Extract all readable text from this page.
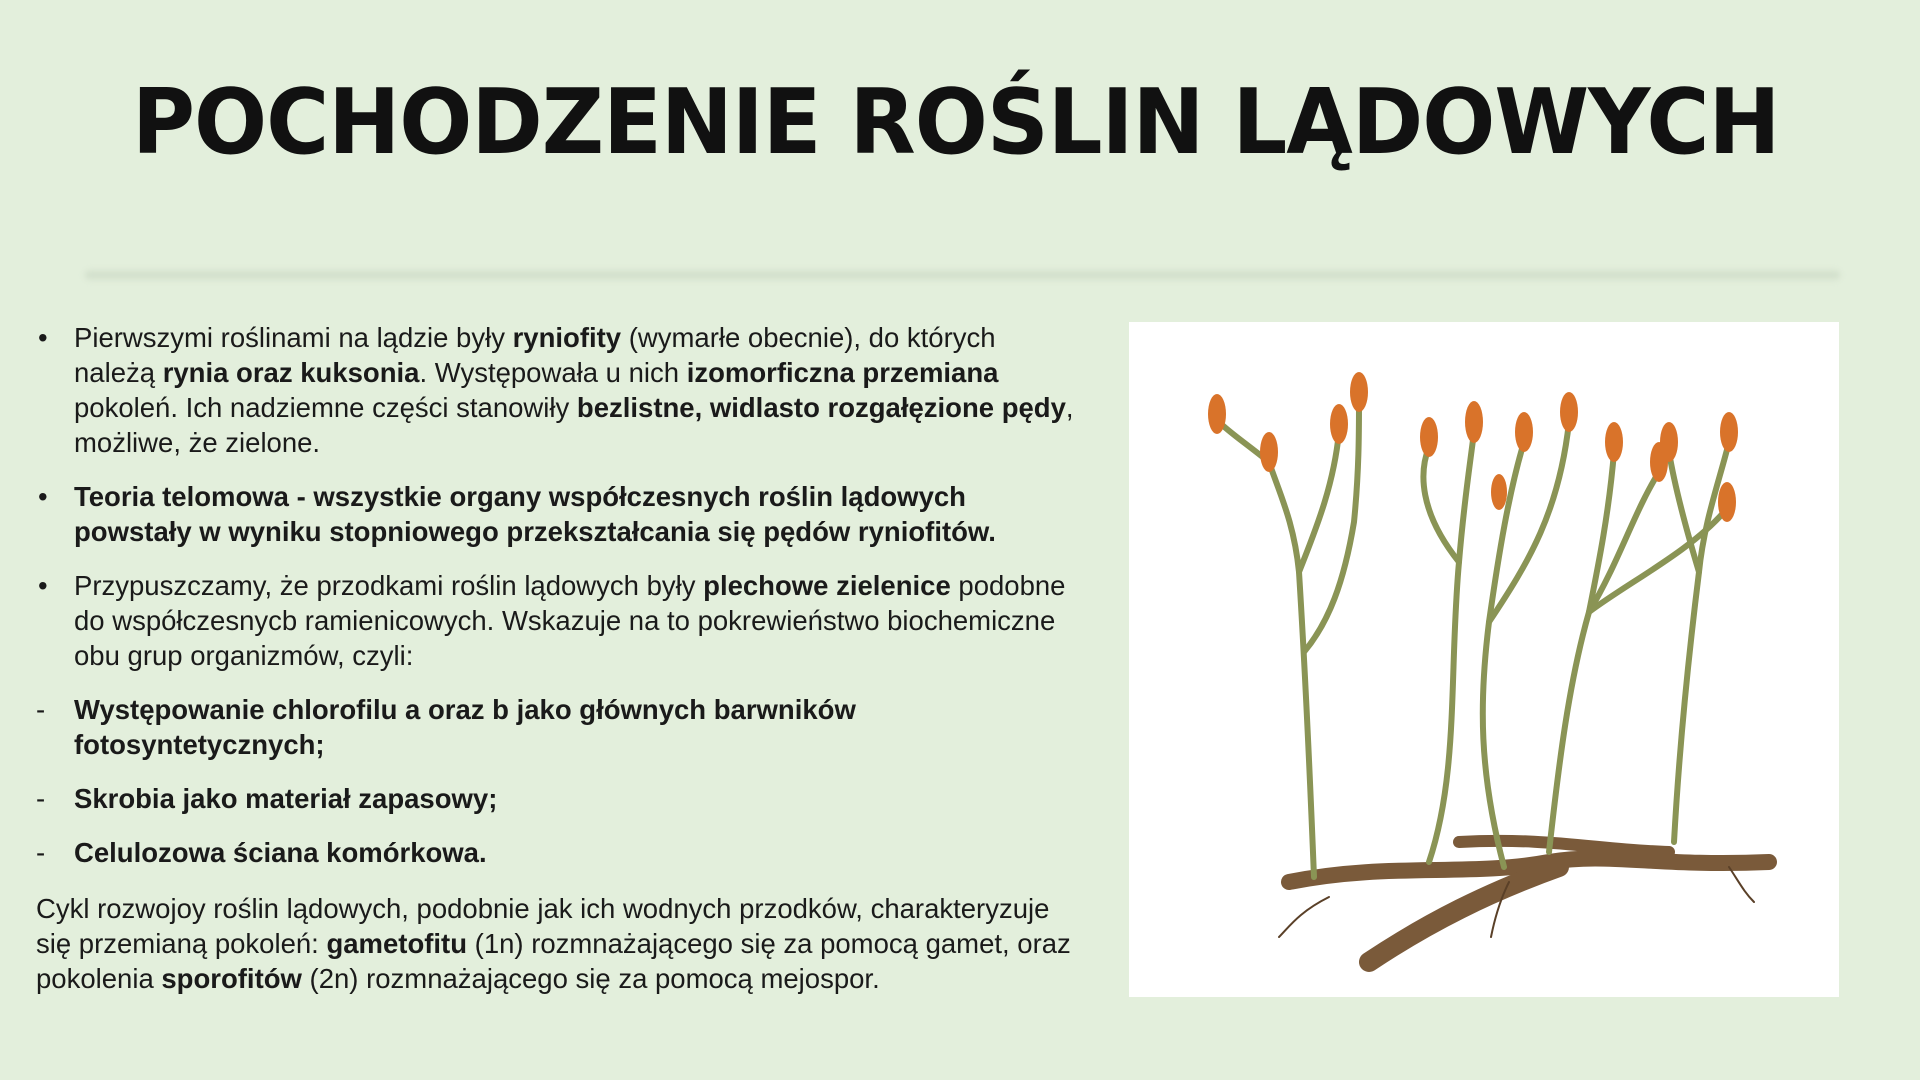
POCHODZENIE ROŚLIN LĄDOWYCH
• Pierwszymi roślinami na lądzie były ryniofity (wymarłe obecnie), do których należą rynia oraz kuksonia. Występowała u nich izomorficzna przemiana pokoleń. Ich nadziemne części stanowiły bezlistne, widlasto rozgałęzione pędy, możliwe, że zielone.

• Teoria telomowa - wszystkie organy współczesnych roślin lądowych powstały w wyniku stopniowego przekształcania się pędów ryniofitów.

• Przypuszczamy, że przodkami roślin lądowych były plechowe zielenice podobne do współczesnycb ramienicowych. Wskazuje na to pokrewieństwo biochemiczne obu grup organizmów, czyli:

- Występowanie chlorofilu a oraz b jako głównych barwników fotosyntetycznych;

- Skrobia jako materiał zapasowy;

- Celulozowa ściana komórkowa.

Cykl rozwojoy roślin lądowych, podobnie jak ich wodnych przodków, charakteryzuje się przemianą pokoleń: gametofitu (1n) rozmnażającego się za pomocą gamet, oraz pokolenia sporofitów (2n) rozmnażającego się za pomocą mejospor.
